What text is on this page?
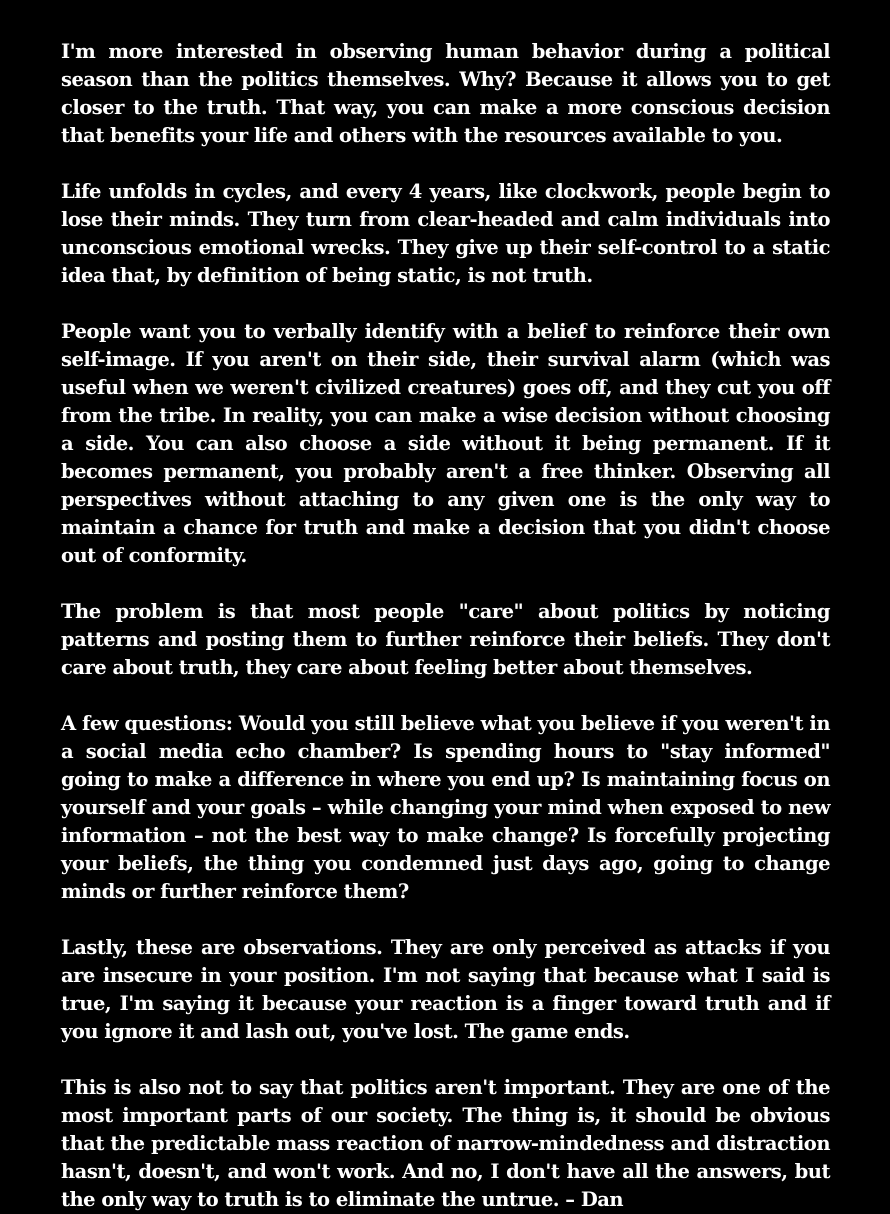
I'm more interested in observing human behavior during a political season than the politics themselves. Why? Because it allows you to get closer to the truth. That way, you can make a more conscious decision that benefits your life and others with the resources available to you.

Life unfolds in cycles, and every 4 years, like clockwork, people begin to lose their minds. They turn from clear-headed and calm individuals into unconscious emotional wrecks. They give up their self-control to a static idea that, by definition of being static, is not truth.

People want you to verbally identify with a belief to reinforce their own self-image. If you aren't on their side, their survival alarm (which was useful when we weren't civilized creatures) goes off, and they cut you off from the tribe. In reality, you can make a wise decision without choosing a side. You can also choose a side without it being permanent. If it becomes permanent, you probably aren't a free thinker. Observing all perspectives without attaching to any given one is the only way to maintain a chance for truth and make a decision that you didn't choose out of conformity.

The problem is that most people "care" about politics by noticing patterns and posting them to further reinforce their beliefs. They don't care about truth, they care about feeling better about themselves.

A few questions: Would you still believe what you believe if you weren't in a social media echo chamber? Is spending hours to "stay informed" going to make a difference in where you end up? Is maintaining focus on yourself and your goals – while changing your mind when exposed to new information – not the best way to make change? Is forcefully projecting your beliefs, the thing you condemned just days ago, going to change minds or further reinforce them?

Lastly, these are observations. They are only perceived as attacks if you are insecure in your position. I'm not saying that because what I said is true, I'm saying it because your reaction is a finger toward truth and if you ignore it and lash out, you've lost. The game ends.

This is also not to say that politics aren't important. They are one of the most important parts of our society. The thing is, it should be obvious that the predictable mass reaction of narrow-mindedness and distraction hasn't, doesn't, and won't work. And no, I don't have all the answers, but the only way to truth is to eliminate the untrue. – Dan
